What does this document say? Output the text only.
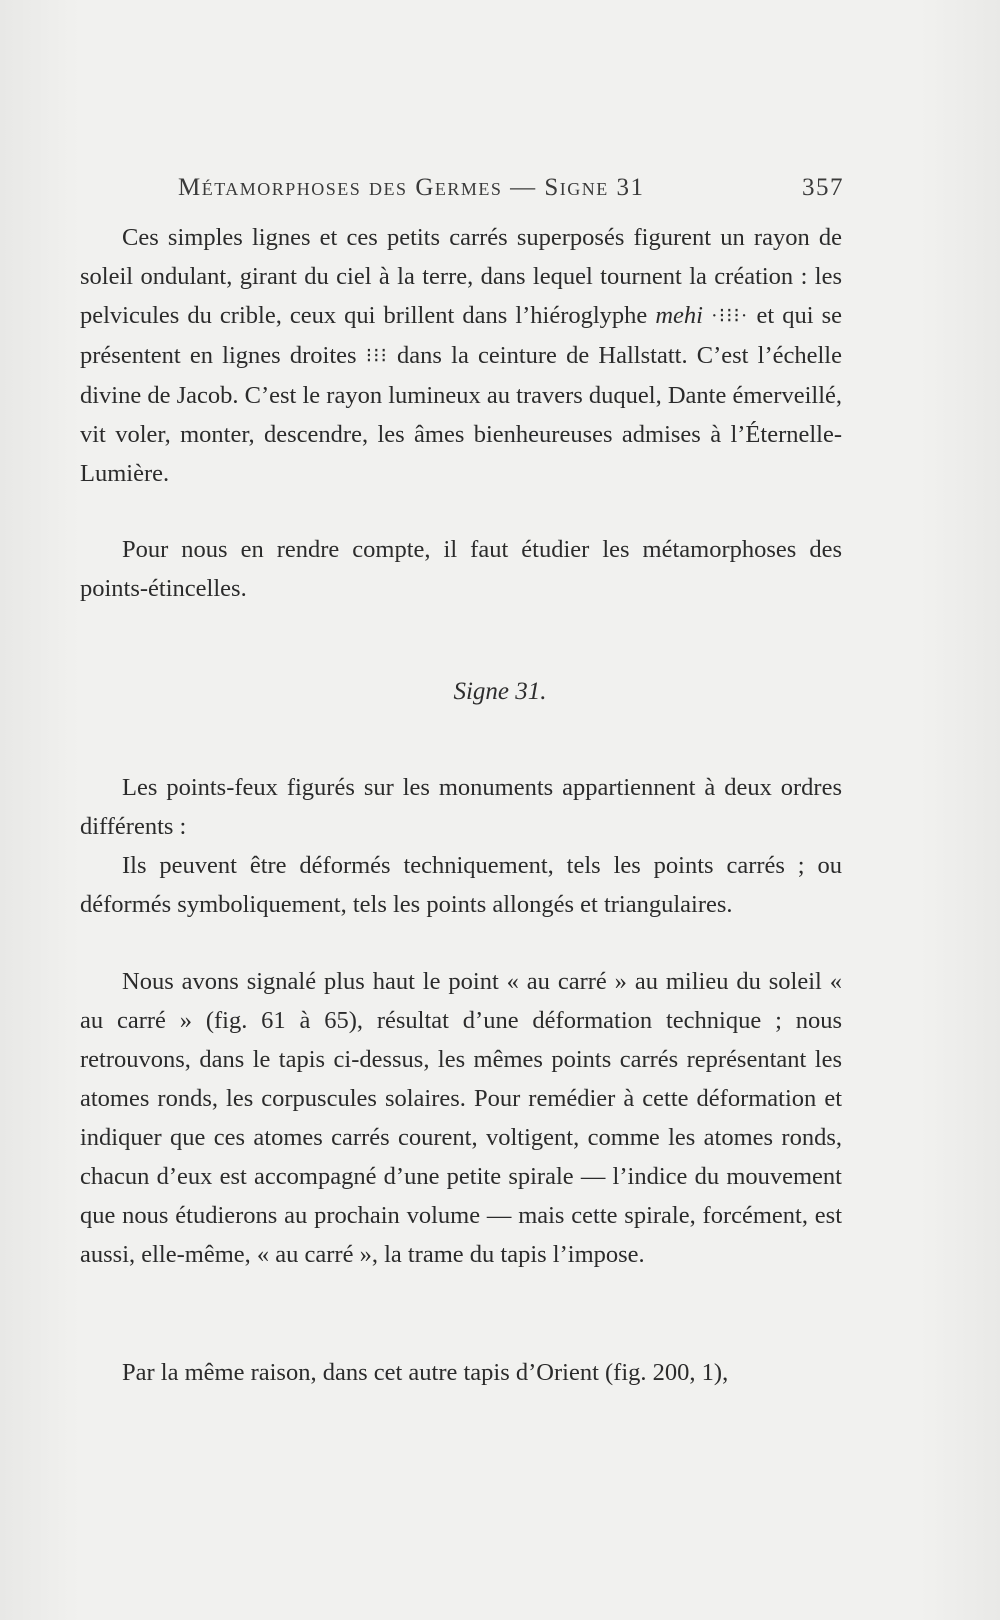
Métamorphoses des Germes — Signe 31	357

Ces simples lignes et ces petits carrés superposés figurent un rayon de soleil ondulant, girant du ciel à la terre, dans lequel tournent la création : les pelvicules du crible, ceux qui brillent dans l’hiéroglyphe mehi ·⁝⁝⁝· et qui se présentent en lignes droites ⁝⁝⁝ dans la ceinture de Hallstatt. C’est l’échelle divine de Jacob. C’est le rayon lumineux au travers duquel, Dante émerveillé, vit voler, monter, descendre, les âmes bienheureuses admises à l’Éternelle-Lumière.

Pour nous en rendre compte, il faut étudier les métamorphoses des points-étincelles.

Signe 31.

Les points-feux figurés sur les monuments appartiennent à deux ordres différents :

Ils peuvent être déformés techniquement, tels les points carrés ; ou déformés symboliquement, tels les points allongés et triangulaires.

Nous avons signalé plus haut le point « au carré » au milieu du soleil « au carré » (fig. 61 à 65), résultat d’une déformation technique ; nous retrouvons, dans le tapis ci-dessus, les mêmes points carrés représentant les atomes ronds, les corpuscules solaires. Pour remédier à cette déformation et indiquer que ces atomes carrés courent, voltigent, comme les atomes ronds, chacun d’eux est accompagné d’une petite spirale — l’indice du mouvement que nous étudierons au prochain volume — mais cette spirale, forcément, est aussi, elle-même, « au carré », la trame du tapis l’impose.

Par la même raison, dans cet autre tapis d’Orient (fig. 200, 1),
